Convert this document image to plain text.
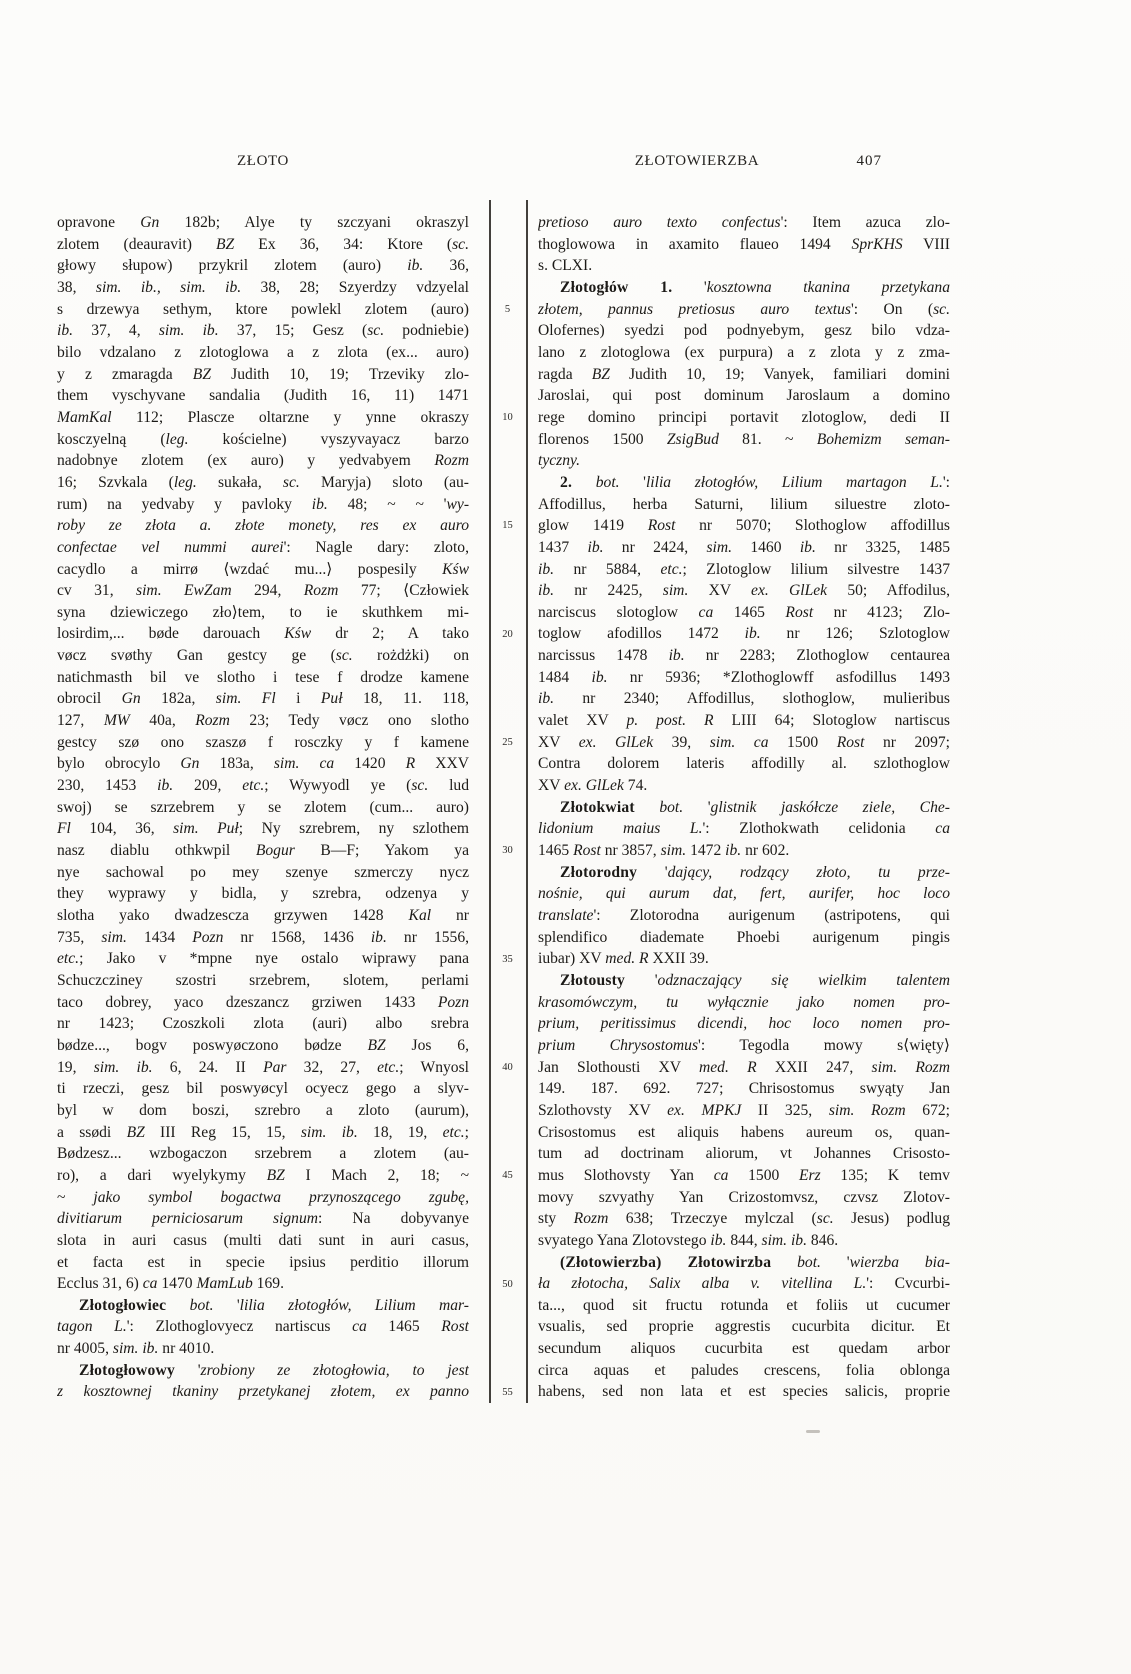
ZŁOTO	ZŁOTOWIERZBA	407
5
10
15
20
25
30
35
40
45
50
55
opravone Gn 182b; Alye ty szczyani okraszyl
zlotem (deauravit) BZ Ex 36, 34: Ktore (sc.
głowy słupow) przykril zlotem (auro) ib. 36,
38, sim. ib., sim. ib. 38, 28; Szyerdzy vdzyelal
s drzewya sethym, ktore powlekl zlotem (auro)
ib. 37, 4, sim. ib. 37, 15; Gesz (sc. podniebie)
bilo vdzalano z zlotoglowa a z zlota (ex... auro)
y z zmaragda BZ Judith 10, 19; Trzeviky zlo-
them vyschyvane sandalia (Judith 16, 11) 1471
MamKal 112; Plascze oltarzne y ynne okraszy
kosczyelną (leg. kościelne) vyszyvayacz barzo
nadobnye zlotem (ex auro) y yedvabyem Rozm
16; Szvkala (leg. sukała, sc. Maryja) sloto (au-
rum) na yedvaby y pavloky ib. 48; ~ ~ 'wy-
roby ze złota a. złote monety, res ex auro
confectae vel nummi aurei': Nagle dary: zloto,
cacydlo a mirrø ⟨wzdać mu...⟩ pospesily Kśw
cv 31, sim. EwZam 294, Rozm 77; ⟨Człowiek
syna dziewiczego zło⟩tem, to ie skuthkem mi-
losirdim,... bøde darouach Kśw dr 2; A tako
vøcz svøthy Gan gestcy ge (sc. rożdżki) on
natichmasth bil ve slotho i tese f drodze kamene
obrocil Gn 182a, sim. Fl i Puł 18, 11. 118,
127, MW 40a, Rozm 23; Tedy vøcz ono slotho
gestcy szø ono szaszø f rosczky y f kamene
bylo obrocylo Gn 183a, sim. ca 1420 R XXV
230, 1453 ib. 209, etc.; Wywyodl ye (sc. lud
swoj) se szrzebrem y se zlotem (cum... auro)
Fl 104, 36, sim. Puł; Ny szrebrem, ny szlothem
nasz diablu othkwpil Bogur B—F; Yakom ya
nye sachowal po mey szenye szmerczy nycz
they wyprawy y bidla, y szrebra, odzenya y
slotha yako dwadzescza grzywen 1428 Kal nr
735, sim. 1434 Pozn nr 1568, 1436 ib. nr 1556,
etc.; Jako v *mpne nye ostalo wiprawy pana
Schuczcziney szostri srzebrem, slotem, perlami
taco dobrey, yaco dzeszancz grziwen 1433 Pozn
nr 1423; Czoszkoli zlota (auri) albo srebra
bødze..., bogv poswyøczono bødze BZ Jos 6,
19, sim. ib. 6, 24. II Par 32, 27, etc.; Wnyosl
ti rzeczi, gesz bil poswyøcyl ocyecz gego a slyv-
byl w dom boszi, szrebro a zloto (aurum),
a ssødi BZ III Reg 15, 15, sim. ib. 18, 19, etc.;
Bødzesz... wzbogaczon srzebrem a zlotem (au-
ro), a dari wyelykymy BZ I Mach 2, 18; ~
~ jako symbol bogactwa przynoszącego zgubę,
divitiarum perniciosarum signum: Na dobyvanye
slota in auri casus (multi dati sunt in auri casus,
et facta est in specie ipsius perditio illorum
Ecclus 31, 6) ca 1470 MamLub 169.
Złotogłowiec bot. 'lilia złotogłów, Lilium mar-
tagon L.': Zlothoglovyecz nartiscus ca 1465 Rost
nr 4005, sim. ib. nr 4010.
Złotogłowowy 'zrobiony ze złotogłowia, to jest
z kosztownej tkaniny przetykanej złotem, ex panno
pretioso auro texto confectus': Item azuca zlo-
thoglowowa in axamito flaueo 1494 SprKHS VIII
s. CLXI.
Złotogłów 1. 'kosztowna tkanina przetykana
złotem, pannus pretiosus auro textus': On (sc.
Olofernes) syedzi pod podnyebym, gesz bilo vdza-
lano z zlotoglowa (ex purpura) a z zlota y z zma-
ragda BZ Judith 10, 19; Vanyek, familiari domini
Jaroslai, qui post dominum Jaroslaum a domino
rege domino principi portavit zlotoglow, dedi II
florenos 1500 ZsigBud 81. ~ Bohemizm seman-
tyczny.
2. bot. 'lilia złotogłów, Lilium martagon L.':
Affodillus, herba Saturni, lilium siluestre zloto-
glow 1419 Rost nr 5070; Slothoglow affodillus
1437 ib. nr 2424, sim. 1460 ib. nr 3325, 1485
ib. nr 5884, etc.; Zlotoglow lilium silvestre 1437
ib. nr 2425, sim. XV ex. GlLek 50; Affodilus,
narciscus slotoglow ca 1465 Rost nr 4123; Zlo-
toglow afodillos 1472 ib. nr 126; Szlotoglow
narcissus 1478 ib. nr 2283; Zlothoglow centaurea
1484 ib. nr 5936; *Zlothoglowff asfodillus 1493
ib. nr 2340; Affodillus, slothoglow, mulieribus
valet XV p. post. R LIII 64; Slotoglow nartiscus
XV ex. GlLek 39, sim. ca 1500 Rost nr 2097;
Contra dolorem lateris affodilly al. szlothoglow
XV ex. GlLek 74.
Złotokwiat bot. 'glistnik jaskółcze ziele, Che-
lidonium maius L.': Zlothokwath celidonia ca
1465 Rost nr 3857, sim. 1472 ib. nr 602.
Złotorodny 'dający, rodzący złoto, tu prze-
nośnie, qui aurum dat, fert, aurifer, hoc loco
translate': Zlotorodna aurigenum (astripotens, qui
splendifico diademate Phoebi aurigenum pingis
iubar) XV med. R XXII 39.
Złotousty 'odznaczający się wielkim talentem
krasomówczym, tu wyłącznie jako nomen pro-
prium, peritissimus dicendi, hoc loco nomen pro-
prium Chrysostomus': Tegodla mowy s⟨więty⟩
Jan Slothousti XV med. R XXII 247, sim. Rozm
149. 187. 692. 727; Chrisostomus swyąty Jan
Szlothovsty XV ex. MPKJ II 325, sim. Rozm 672;
Crisostomus est aliquis habens aureum os, quan-
tum ad doctrinam aliorum, vt Johannes Crisosto-
mus Slothovsty Yan ca 1500 Erz 135; K temv
movy szvyathy Yan Crizostomvsz, czvsz Zlotov-
sty Rozm 638; Trzeczye mylczal (sc. Jesus) podlug
svyatego Yana Zlotovstego ib. 844, sim. ib. 846.
(Złotowierzba) Złotowirzba bot. 'wierzba bia-
ła złotocha, Salix alba v. vitellina L.': Cvcurbi-
ta..., quod sit fructu rotunda et foliis ut cucumer
vsualis, sed proprie aggrestis cucurbita dicitur. Et
secundum aliquos cucurbita est quedam arbor
circa aquas et paludes crescens, folia oblonga
habens, sed non lata et est species salicis, proprie
